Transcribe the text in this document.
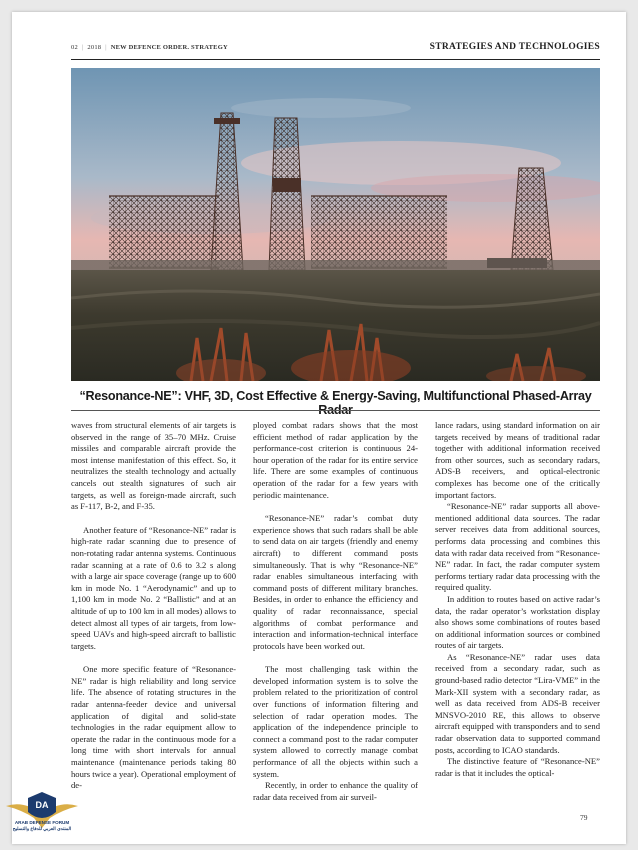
02 | 2018 | NEW DEFENCE ORDER. STRATEGY	STRATEGIES AND TECHNOLOGIES
“Resonance-NE”: VHF, 3D, Cost Effective & Energy-Saving, Multifunctional Phased-Array Radar

waves from structural elements of air targets is observed in the range of 35–70 MHz. Cruise missiles and comparable aircraft provide the most intense manifestation of this effect. So, it neutralizes the stealth technology and actually cancels out stealth signatures of such air targets, as well as foreign-made aircraft, such as F-117, B-2, and F-35.

Another feature of “Resonance-NE” radar is high-rate radar scanning due to presence of non-rotating radar antenna systems. Continuous radar scanning at a rate of 0.6 to 3.2 s along with a large air space coverage (range up to 600 km in mode No. 1 “Aerodynamic” and up to 1,100 km in mode No. 2 “Ballistic” and at an altitude of up to 100 km in all modes) allows to detect almost all types of air targets, from low-speed UAVs and high-speed aircraft to ballistic targets.

One more specific feature of “Resonance-NE” radar is high reliability and long service life. The absence of rotating structures in the radar antenna-feeder device and universal application of digital and solid-state technologies in the radar equipment allow to operate the radar in the continuous mode for a long time with short intervals for annual maintenance (maintenance periods taking 80 hours twice a year). Operational employment of de-

ployed combat radars shows that the most efficient method of radar application by the performance-cost criterion is continuous 24-hour operation of the radar for its entire service life. There are some examples of continuous operation of the radar for a few years with periodic maintenance.

“Resonance-NE” radar’s combat duty experience shows that such radars shall be able to send data on air targets (friendly and enemy aircraft) to different command posts simultaneously. That is why “Resonance-NE” radar enables simultaneous interfacing with command posts of different military branches. Besides, in order to enhance the efficiency and quality of radar reconnaissance, special algorithms of combat performance and interaction and information-technical interface protocols have been worked out.

The most challenging task within the developed information system is to solve the problem related to the prioritization of control over functions of information filtering and selection of radar operation modes. The application of the independence principle to connect a command post to the radar computer system allowed to correctly manage combat performance of all the objects within such a system.

Recently, in order to enhance the quality of radar data received from air surveil-

lance radars, using standard information on air targets received by means of traditional radar together with additional information received from other sources, such as secondary radars, ADS-B receivers, and optical-electronic complexes has become one of the critically important factors.

“Resonance-NE” radar supports all above-mentioned additional data sources. The radar server receives data from additional sources, performs data processing and combines this data with radar data received from “Resonance-NE” radar. In fact, the radar computer system performs tertiary radar data processing with the required quality.

In addition to routes based on active radar’s data, the radar operator’s workstation display also shows some combinations of routes based on additional information sources or combined routes of air targets.

As “Resonance-NE” radar uses data received from a secondary radar, such as ground-based radio detector “Lira-VME” in the Mark-XII system with a secondary radar, as well as data received from ADS-B receiver MNSVO-2010 RE, this allows to observe aircraft equipped with transponders and to send radar observation data to supported command posts, according to ICAO standards.

The distinctive feature of “Resonance-NE” radar is that it includes the optical-

79
DA
ARAB DEFENSE FORUM
المنتدى العربي للدفاع والتسليح
